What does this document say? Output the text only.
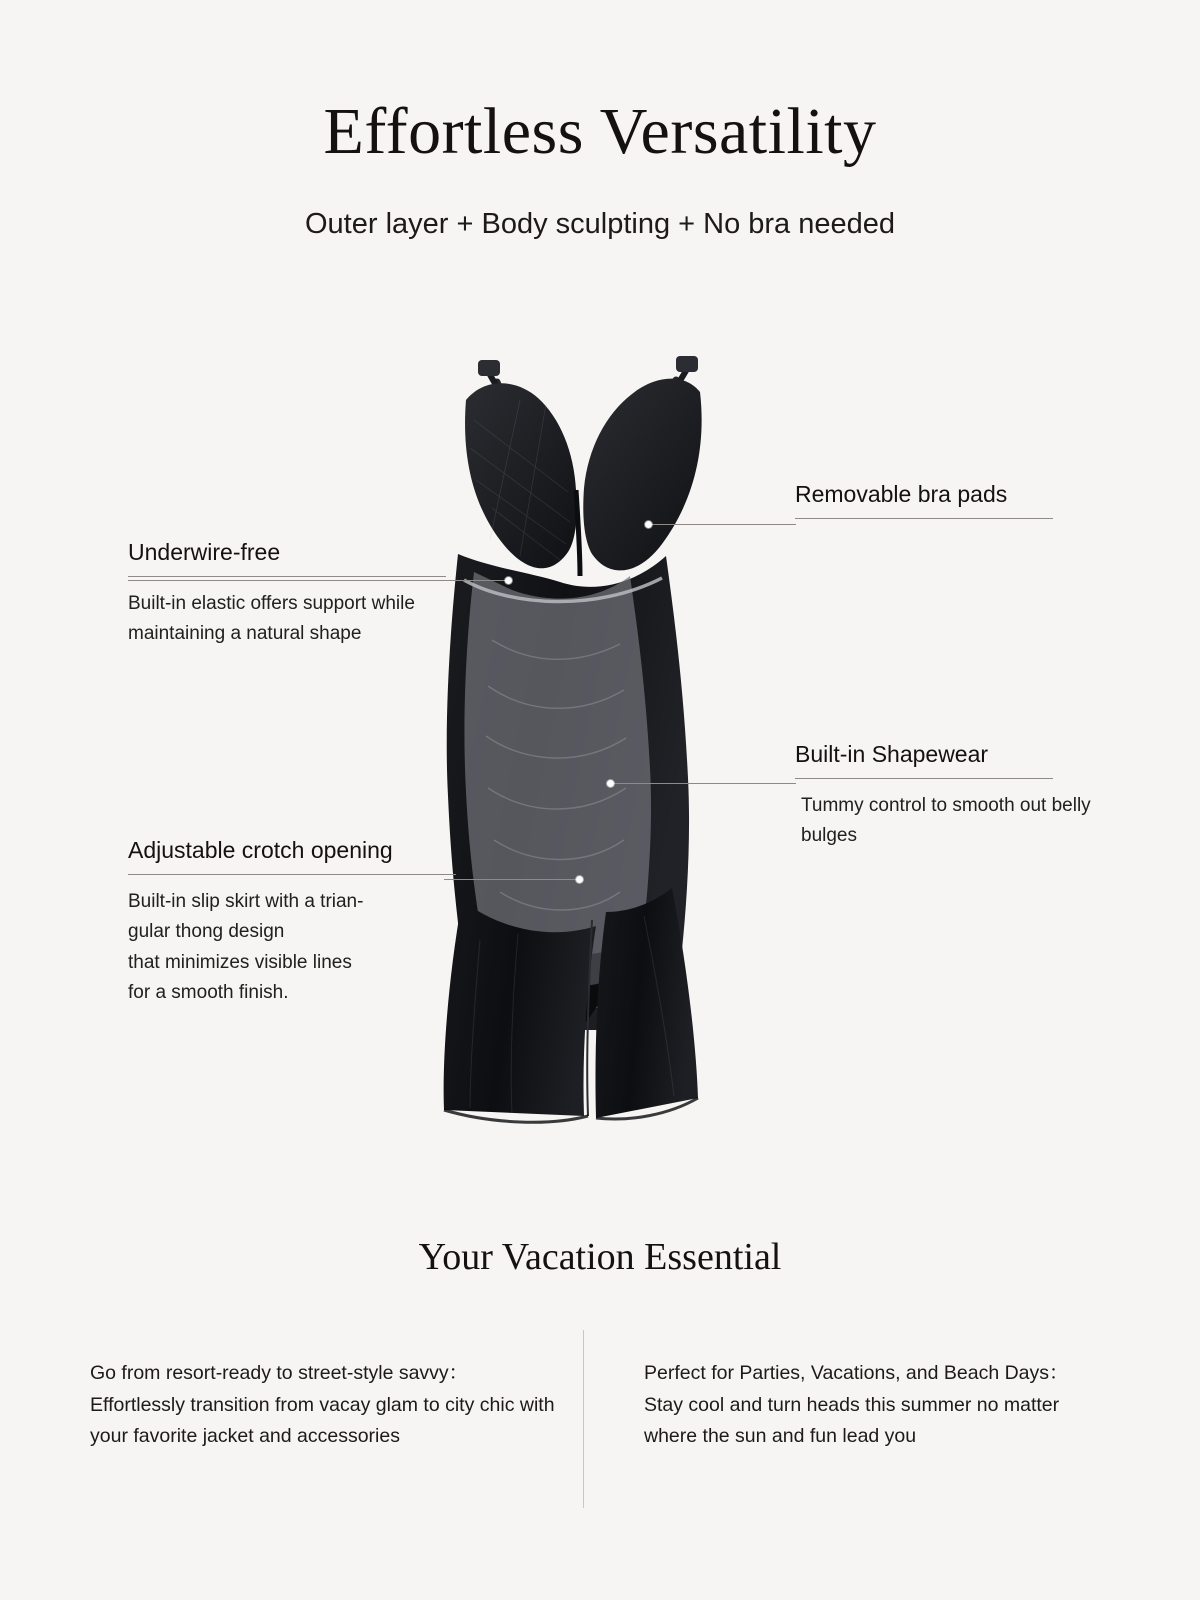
Effortless Versatility
Outer layer + Body sculpting + No bra needed
Removable bra pads
Built-in Shapewear
Tummy control to smooth out belly bulges
Underwire-free
Built-in elastic offers support while maintaining a natural shape
Adjustable crotch opening
Built-in slip skirt with a trian-
gular thong design
that minimizes visible lines
for a smooth finish.
Your Vacation Essential
Go from resort-ready to street-style savvy： Effortlessly transition from vacay glam to city chic with your favorite jacket and accessories
Perfect for Parties, Vacations, and Beach Days： Stay cool and turn heads this summer no matter where the sun and fun lead you
